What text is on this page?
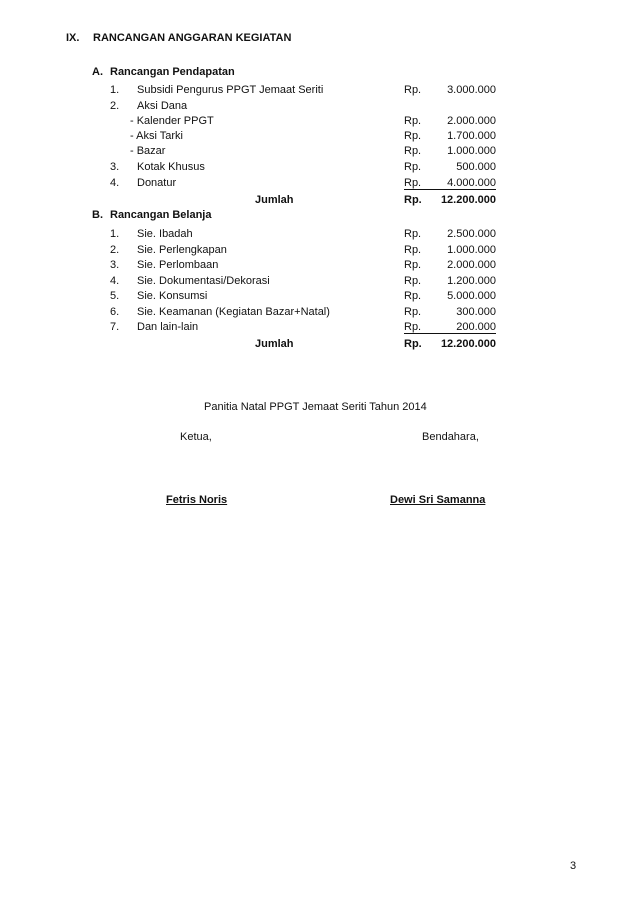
IX. RANCANGAN ANGGARAN KEGIATAN
A. Rancangan Pendapatan
1. Subsidi Pengurus PPGT Jemaat Seriti	Rp. 3.000.000
2. Aksi Dana
- Kalender PPGT	Rp. 2.000.000
- Aksi Tarki	Rp. 1.700.000
- Bazar	Rp. 1.000.000
3. Kotak Khusus	Rp.	500.000
4. Donatur	Rp. 4.000.000
Jumlah	Rp. 12.200.000
B. Rancangan Belanja
1. Sie. Ibadah	Rp. 2.500.000
2. Sie. Perlengkapan	Rp. 1.000.000
3. Sie. Perlombaan	Rp. 2.000.000
4. Sie. Dokumentasi/Dekorasi	Rp. 1.200.000
5. Sie. Konsumsi	Rp. 5.000.000
6. Sie. Keamanan (Kegiatan Bazar+Natal)	Rp.	300.000
7. Dan lain-lain	Rp.	200.000
Jumlah	Rp. 12.200.000
Panitia Natal PPGT Jemaat Seriti Tahun 2014
Ketua,	Bendahara,
Fetris Noris	Dewi Sri Samanna
3
